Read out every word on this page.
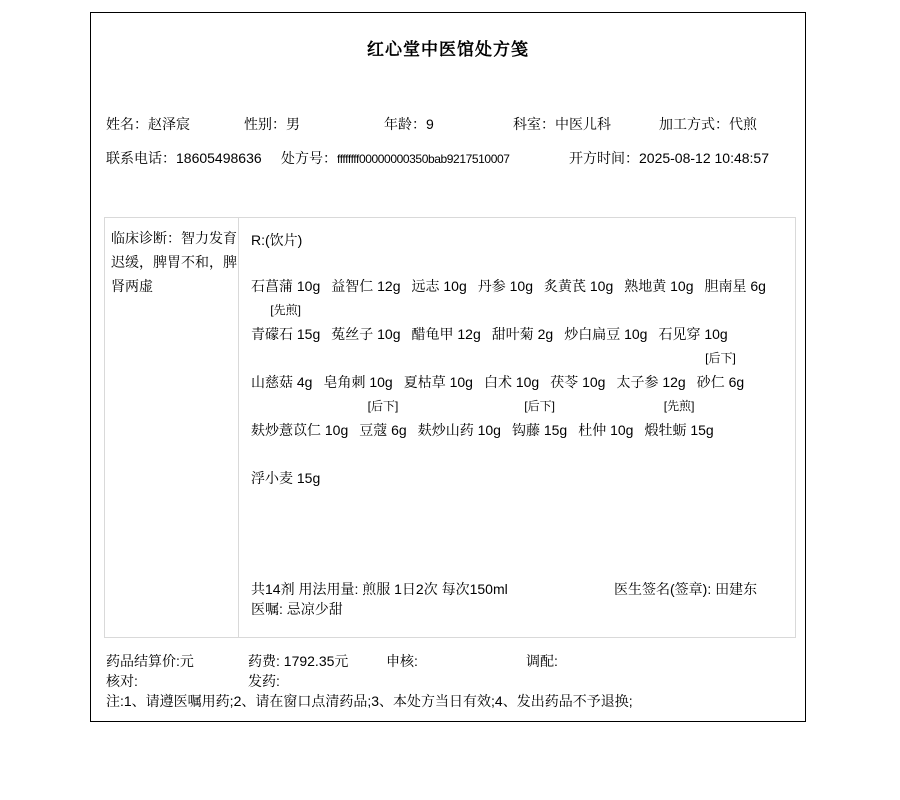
红心堂中医馆处方笺
姓名：赵泽宸	性别：男	年龄：9	科室：中医儿科	加工方式：代煎
联系电话：18605498636 处方号：ffffffff00000000350bab9217510007	开方时间：2025-08-12 10:48:57
临床诊断：智力发育迟缓，脾胃不和，脾肾两虚
R:(饮片)

石菖蒲 10g
益智仁 12g
远志 10g
丹参 10g
炙黄芪 10g
熟地黄 10g
胆南星 6g
[先煎]
青礞石 15g
菟丝子 10g
醋龟甲 12g
甜叶菊 2g
炒白扁豆 10g
石见穿 10g

山慈菇 4g
皂角刺 10g
夏枯草 10g
白术 10g
茯苓 10g
太子参 12g
[后下]
砂仁 6g

麸炒薏苡仁 10g
[后下]
豆蔻 6g
麸炒山药 10g
[后下]
钩藤 15g
杜仲 10g
[先煎]
煅牡蛎 15g

浮小麦 15g
共14剂 用法用量: 煎服 1日2次 每次150ml	医生签名(签章): 田建东
医嘱: 忌凉少甜
药品结算价:元	药费: 1792.35元	申核:	调配:
核对:	发药:
注:1、请遵医嘱用药;2、请在窗口点清药品;3、本处方当日有效;4、发出药品不予退换;
